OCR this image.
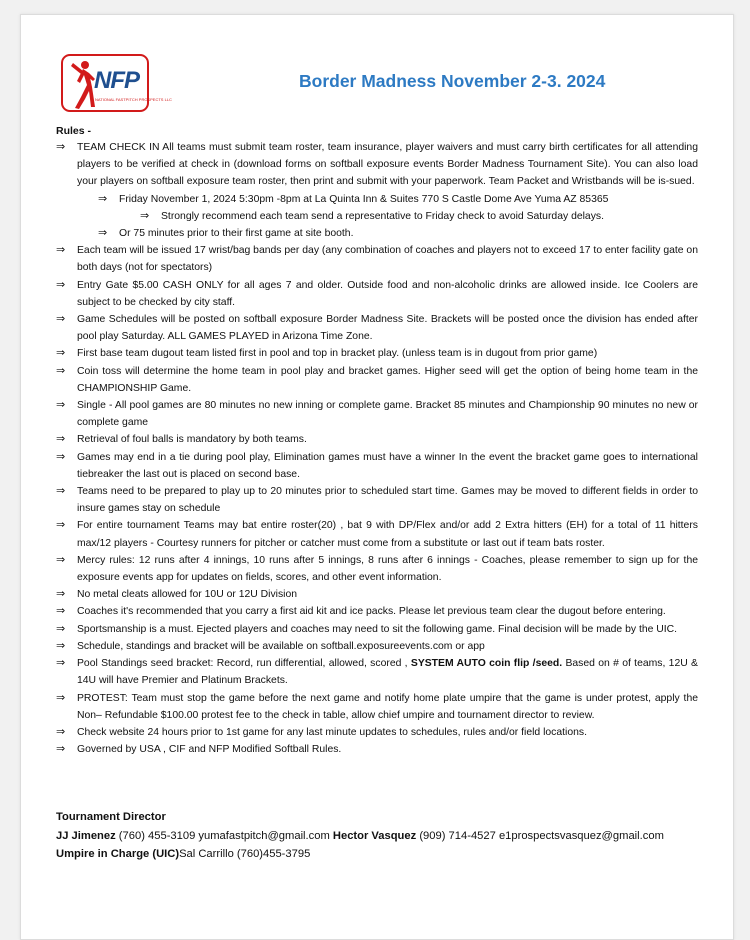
NFP
NATIONAL FASTPITCH PROSPECTS LLC
Border Madness November 2-3. 2024
Rules -
⇒ TEAM CHECK IN All teams must submit team roster, team insurance, player waivers and must carry birth certificates for all attending players to be verified at check in (download forms on softball exposure events Border Madness Tournament Site). You can also load your players on softball exposure team roster, then print and submit with your paperwork. Team Packet and Wristbands will be is-sued.
⇒ Friday November 1, 2024 5:30pm -8pm at La Quinta Inn & Suites 770 S Castle Dome Ave Yuma AZ 85365
⇒ Strongly recommend each team send a representative to Friday check to avoid Saturday delays.
⇒ Or 75 minutes prior to their first game at site booth.
⇒ Each team will be issued 17 wrist/bag bands per day (any combination of coaches and players not to exceed 17 to enter facility gate on both days (not for spectators)
⇒ Entry Gate $5.00 CASH ONLY for all ages 7 and older. Outside food and non-alcoholic drinks are allowed inside. Ice Coolers are subject to be checked by city staff.
⇒ Game Schedules will be posted on softball exposure Border Madness Site. Brackets will be posted once the division has ended after pool play Saturday. ALL GAMES PLAYED in Arizona Time Zone.
⇒ First base team dugout team listed first in pool and top in bracket play. (unless team is in dugout from prior game)
⇒ Coin toss will determine the home team in pool play and bracket games. Higher seed will get the option of being home team in the CHAMPIONSHIP Game.
⇒ Single - All pool games are 80 minutes no new inning or complete game. Bracket 85 minutes and Championship 90 minutes no new or complete game
⇒ Retrieval of foul balls is mandatory by both teams.
⇒ Games may end in a tie during pool play, Elimination games must have a winner In the event the bracket game goes to international tiebreaker the last out is placed on second base.
⇒ Teams need to be prepared to play up to 20 minutes prior to scheduled start time. Games may be moved to different fields in order to insure games stay on schedule
⇒ For entire tournament Teams may bat entire roster(20) , bat 9 with DP/Flex and/or add 2 Extra hitters (EH) for a total of 11 hitters max/12 players - Courtesy runners for pitcher or catcher must come from a substitute or last out if team bats roster.
⇒ Mercy rules: 12 runs after 4 innings, 10 runs after 5 innings, 8 runs after 6 innings - Coaches, please remember to sign up for the exposure events app for updates on fields, scores, and other event information.
⇒ No metal cleats allowed for 10U or 12U Division
⇒ Coaches it's recommended that you carry a first aid kit and ice packs. Please let previous team clear the dugout before entering.
⇒ Sportsmanship is a must. Ejected players and coaches may need to sit the following game. Final decision will be made by the UIC.
⇒ Schedule, standings and bracket will be available on softball.exposureevents.com or app
⇒ Pool Standings seed bracket: Record, run differential, allowed, scored , SYSTEM AUTO coin flip /seed. Based on # of teams, 12U & 14U will have Premier and Platinum Brackets.
⇒ PROTEST: Team must stop the game before the next game and notify home plate umpire that the game is under protest, apply the Non– Refundable $100.00 protest fee to the check in table, allow chief umpire and tournament director to review.
⇒ Check website 24 hours prior to 1st game for any last minute updates to schedules, rules and/or field locations.
⇒ Governed by USA , CIF and NFP Modified Softball Rules.
Tournament Director
JJ Jimenez (760) 455-3109 yumafastpitch@gmail.com Hector Vasquez (909) 714-4527 e1prospectsvasquez@gmail.com
Umpire in Charge (UIC)Sal Carrillo (760)455-3795
